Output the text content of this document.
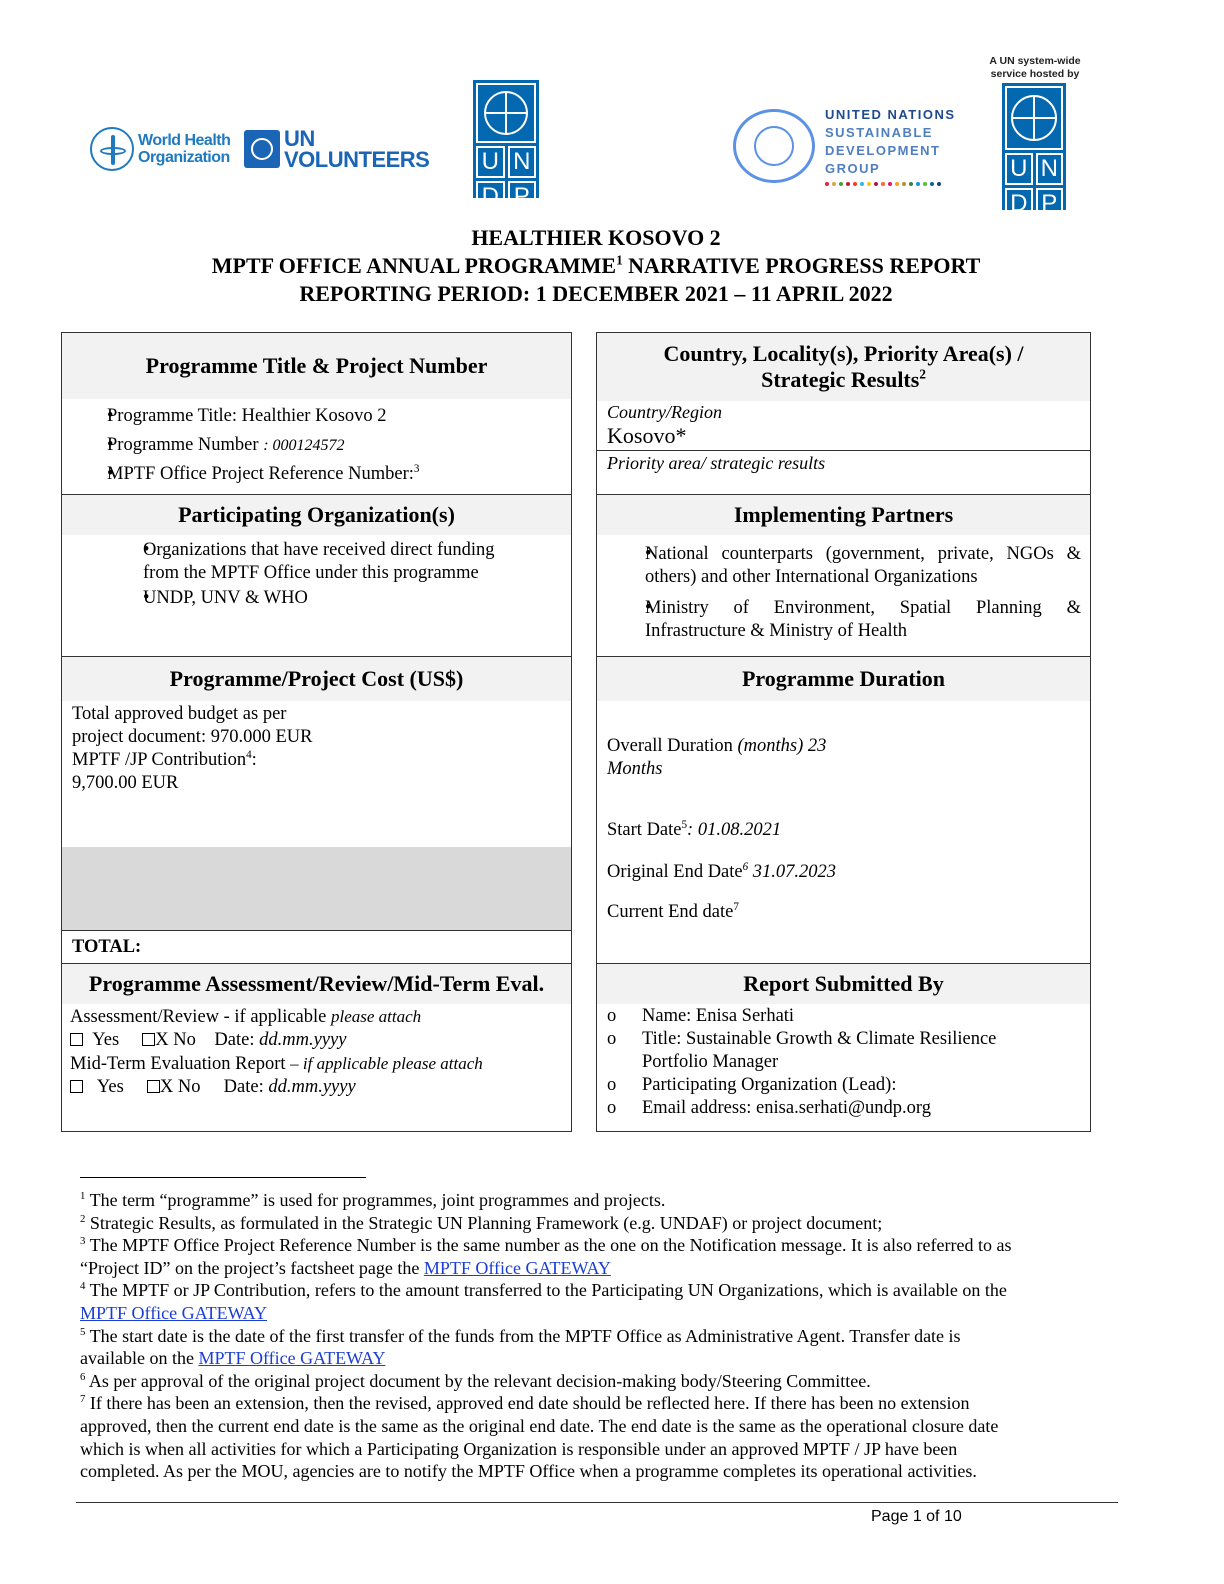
World Health
Organization
UN
VOLUNTEERS U N
D P
UNITED NATIONS
SUSTAINABLE
DEVELOPMENT
GROUP
A UN system-wide
service hosted by
U N
D P
HEALTHIER KOSOVO 2
MPTF OFFICE ANNUAL PROGRAMME$^1$ NARRATIVE PROGRESS REPORT
REPORTING PERIOD: 1 DECEMBER 2021 – 11 APRIL 2022
Programme Title & Project Number
• Programme Title: Healthier Kosovo 2
• Programme Number : 000124572
• MPTF Office Project Reference Number:$^3$
Participating Organization(s)
• Organizations that have received direct funding from the MPTF Office under this programme
• UNDP, UNV & WHO
Programme/Project Cost (US$)
Total approved budget as per
project document: 970.000 EUR
MPTF /JP Contribution$^4$:
9,700.00 EUR
TOTAL:
Programme Assessment/Review/Mid-Term Eval.
Assessment/Review - if applicable please attach
Yes X No Date: dd.mm.yyyy
Mid-Term Evaluation Report – if applicable please attach
Yes X No Date: dd.mm.yyyy
Country, Locality(s), Priority Area(s) /
Strategic Results$^2$
Country/Region
Kosovo*
Priority area/ strategic results
Implementing Partners
• National counterparts (government, private, NGOs & others) and other International Organizations
• Ministry of Environment, Spatial Planning & Infrastructure & Ministry of Health
Programme Duration
Overall Duration (months) 23
Months
Start Date$^5$: 01.08.2021
Original End Date$^6$ 31.07.2023
Current End date$^7$
Report Submitted By
o Name: Enisa Serhati
o Title: Sustainable Growth & Climate Resilience
Portfolio Manager
o Participating Organization (Lead):
o Email address: enisa.serhati@undp.org
$^1$ The term “programme” is used for programmes, joint programmes and projects.
$^2$ Strategic Results, as formulated in the Strategic UN Planning Framework (e.g. UNDAF) or project document;
$^3$ The MPTF Office Project Reference Number is the same number as the one on the Notification message. It is also referred to as
“Project ID” on the project’s factsheet page the MPTF Office GATEWAY
$^4$ The MPTF or JP Contribution, refers to the amount transferred to the Participating UN Organizations, which is available on the
MPTF Office GATEWAY
$^5$ The start date is the date of the first transfer of the funds from the MPTF Office as Administrative Agent. Transfer date is
available on the MPTF Office GATEWAY
$^6$ As per approval of the original project document by the relevant decision-making body/Steering Committee.
$^7$ If there has been an extension, then the revised, approved end date should be reflected here. If there has been no extension
approved, then the current end date is the same as the original end date. The end date is the same as the operational closure date
which is when all activities for which a Participating Organization is responsible under an approved MPTF / JP have been
completed. As per the MOU, agencies are to notify the MPTF Office when a programme completes its operational activities.
Page 1 of 10
